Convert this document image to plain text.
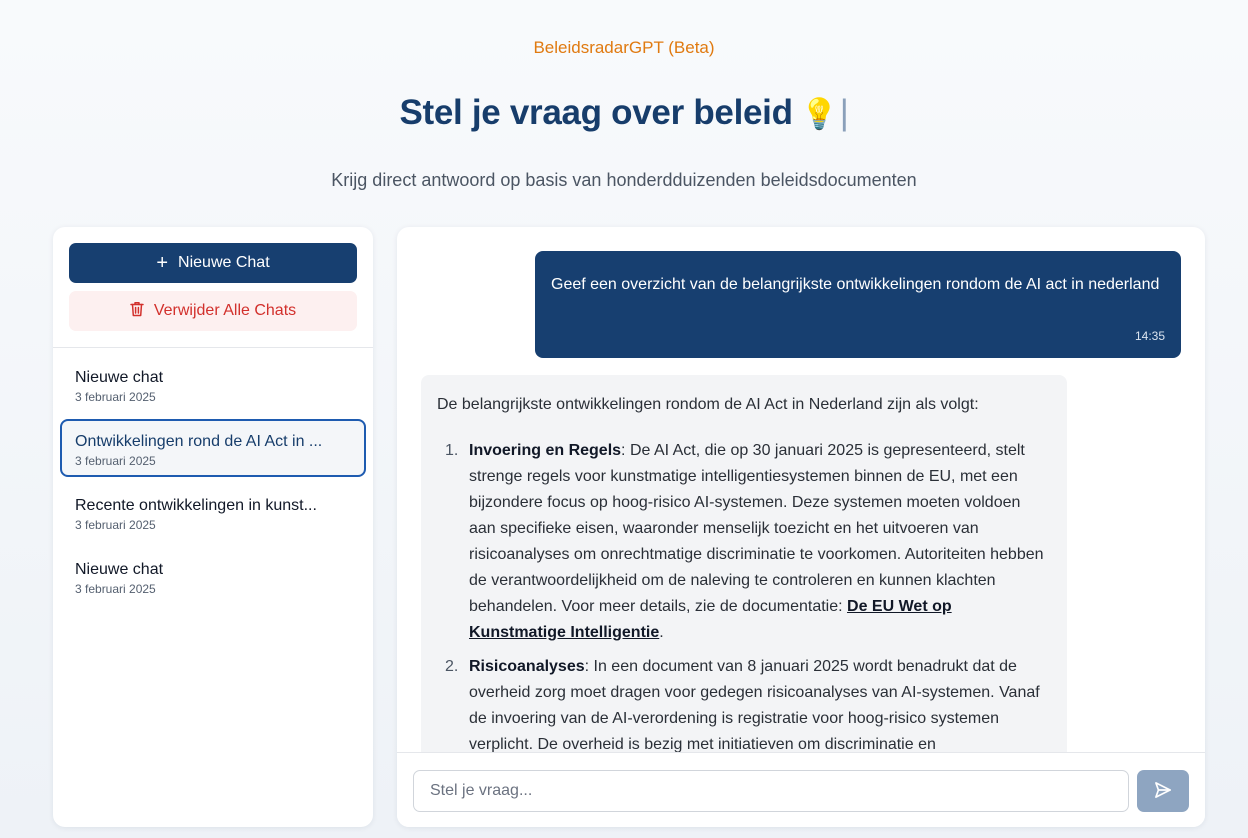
BeleidsradarGPT (Beta)
Stel je vraag over beleid 💡|
Krijg direct antwoord op basis van honderdduizenden beleidsdocumenten
+ Nieuwe Chat
Verwijder Alle Chats
Nieuwe chat
3 februari 2025
Ontwikkelingen rond de AI Act in ...
3 februari 2025
Recente ontwikkelingen in kunst...
3 februari 2025
Nieuwe chat
3 februari 2025
Geef een overzicht van de belangrijkste ontwikkelingen rondom de AI act in nederland
14:35

De belangrijkste ontwikkelingen rondom de AI Act in Nederland zijn als volgt:

1. Invoering en Regels: De AI Act, die op 30 januari 2025 is gepresenteerd, stelt strenge regels voor kunstmatige intelligentiesystemen binnen de EU, met een bijzondere focus op hoog-risico AI-systemen. Deze systemen moeten voldoen aan specifieke eisen, waaronder menselijk toezicht en het uitvoeren van risicoanalyses om onrechtmatige discriminatie te voorkomen. Autoriteiten hebben de verantwoordelijkheid om de naleving te controleren en kunnen klachten behandelen. Voor meer details, zie de documentatie: De EU Wet op Kunstmatige Intelligentie.
2. Risicoanalyses: In een document van 8 januari 2025 wordt benadrukt dat de overheid zorg moet dragen voor gedegen risicoanalyses van AI-systemen. Vanaf de invoering van de AI-verordening is registratie voor hoog-risico systemen verplicht. De overheid is bezig met initiatieven om discriminatie en
Stel je vraag...
